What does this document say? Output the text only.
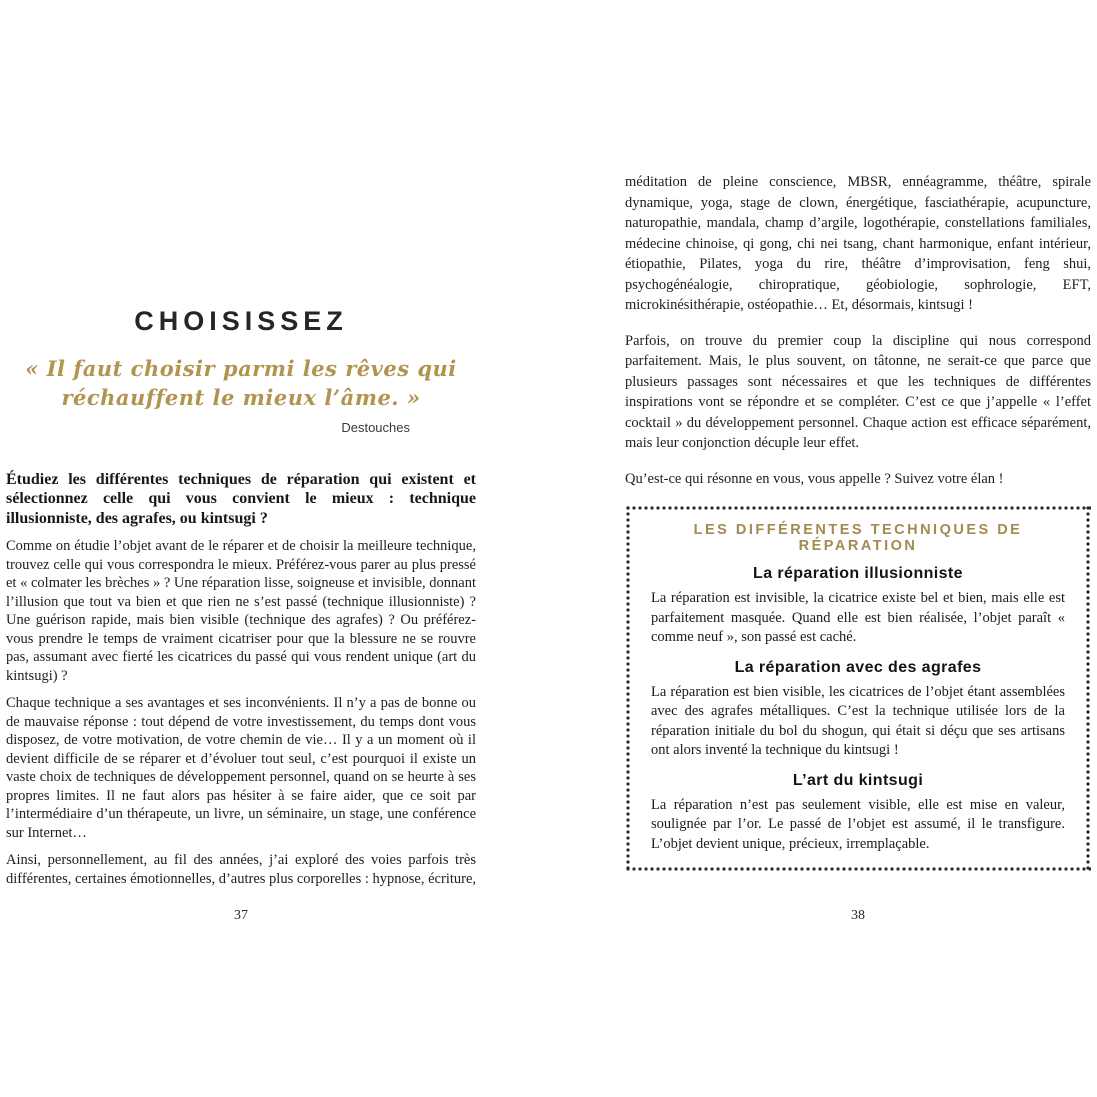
CHOISISSEZ
« Il faut choisir parmi les rêves qui
réchauffent le mieux l’âme. »
Destouches

Étudiez les différentes techniques de réparation qui existent et sélectionnez celle qui vous convient le mieux : technique illusionniste, des agrafes, ou kintsugi ?

Comme on étudie l’objet avant de le réparer et de choisir la meilleure technique, trouvez celle qui vous correspondra le mieux. Préférez-vous parer au plus pressé et « colmater les brèches » ? Une réparation lisse, soigneuse et invisible, donnant l’illusion que tout va bien et que rien ne s’est passé (technique illusionniste) ? Une guérison rapide, mais bien visible (technique des agrafes) ? Ou préférez-vous prendre le temps de vraiment cicatriser pour que la blessure ne se rouvre pas, assumant avec fierté les cicatrices du passé qui vous rendent unique (art du kintsugi) ?

Chaque technique a ses avantages et ses inconvénients. Il n’y a pas de bonne ou de mauvaise réponse : tout dépend de votre investissement, du temps dont vous disposez, de votre motivation, de votre chemin de vie… Il y a un moment où il devient difficile de se réparer et d’évoluer tout seul, c’est pourquoi il existe un vaste choix de techniques de développement personnel, quand on se heurte à ses propres limites. Il ne faut alors pas hésiter à se faire aider, que ce soit par l’intermédiaire d’un thérapeute, un livre, un séminaire, un stage, une conférence sur Internet…

Ainsi, personnellement, au fil des années, j’ai exploré des voies parfois très différentes, certaines émotionnelles, d’autres plus corporelles : hypnose, écriture,

37

méditation de pleine conscience, MBSR, ennéagramme, théâtre, spirale dynamique, yoga, stage de clown, énergétique, fasciathérapie, acupuncture, naturopathie, mandala, champ d’argile, logothérapie, constellations familiales, médecine chinoise, qi gong, chi nei tsang, chant harmonique, enfant intérieur, étiopathie, Pilates, yoga du rire, théâtre d’improvisation, feng shui, psychogénéalogie, chiropratique, géobiologie, sophrologie, EFT, microkinésithérapie, ostéopathie… Et, désormais, kintsugi !

Parfois, on trouve du premier coup la discipline qui nous correspond parfaitement. Mais, le plus souvent, on tâtonne, ne serait-ce que parce que plusieurs passages sont nécessaires et que les techniques de différentes inspirations vont se répondre et se compléter. C’est ce que j’appelle « l’effet cocktail » du développement personnel. Chaque action est efficace séparément, mais leur conjonction décuple leur effet.

Qu’est-ce qui résonne en vous, vous appelle ? Suivez votre élan !

LES DIFFÉRENTES TECHNIQUES DE RÉPARATION
La réparation illusionniste

La réparation est invisible, la cicatrice existe bel et bien, mais elle est parfaitement masquée. Quand elle est bien réalisée, l’objet paraît « comme neuf », son passé est caché.

La réparation avec des agrafes

La réparation est bien visible, les cicatrices de l’objet étant assemblées avec des agrafes métalliques. C’est la technique utilisée lors de la réparation initiale du bol du shogun, qui était si déçu que ses artisans ont alors inventé la technique du kintsugi !

L’art du kintsugi

La réparation n’est pas seulement visible, elle est mise en valeur, soulignée par l’or. Le passé de l’objet est assumé, il le transfigure. L’objet devient unique, précieux, irremplaçable.

38
